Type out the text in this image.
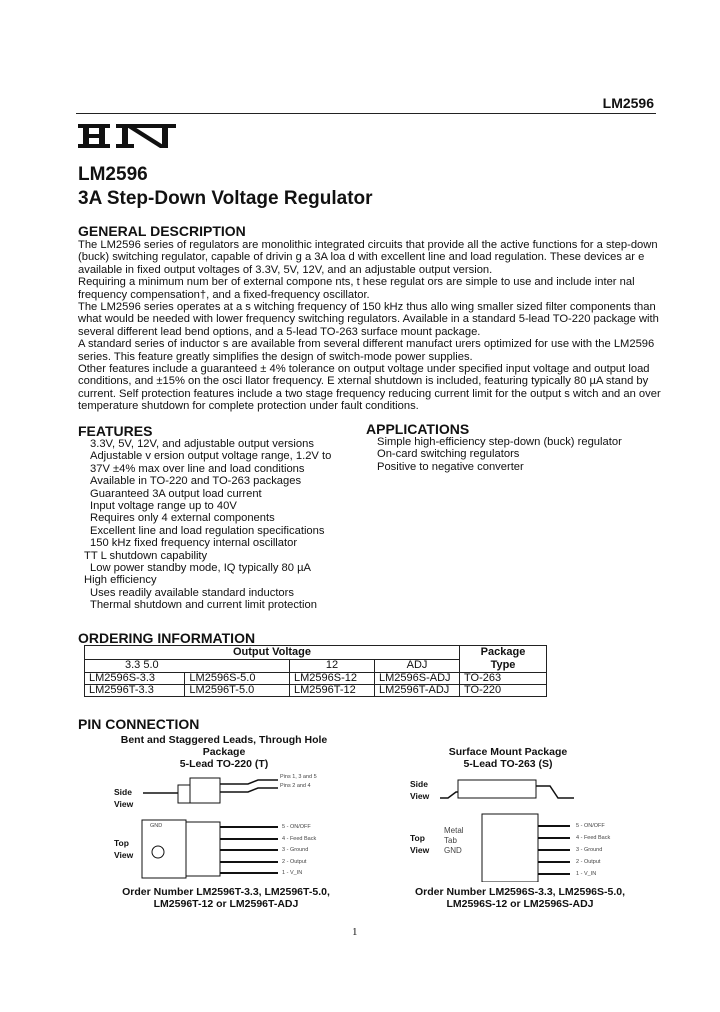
LM2596
LM2596
3A Step-Down Voltage Regulator
GENERAL DESCRIPTION
The LM2596 series of regulators are monolithic integrated circuits that provide all the active functions for a step-down
(buck) switching regulator, capable of drivin g a 3A loa d with excellent line and load regulation. These devices ar e
available in fixed output voltages of 3.3V, 5V, 12V, and an adjustable output version.
Requiring a minimum num ber of external compone nts, t hese regulat ors are simple to use and include inter nal
frequency compensation†, and a fixed-frequency oscillator.
The LM2596 series operates at a s witching frequency of 150 kHz thus allo wing smaller sized filter components than
what would be needed with lower frequency switching regulators. Available in a standard 5-lead TO-220 package with
several different lead bend options, and a 5-lead TO-263 surface mount package.
A standard series of inductor s are available from several different manufact urers optimized for use with the LM2596
series. This feature greatly simplifies the design of switch-mode power supplies.
Other features include a guaranteed ± 4% tolerance on output voltage under specified input voltage and output load
conditions, and ±15% on the osci llator frequency. E xternal shutdown is included, featuring typically 80 µA stand by
current. Self protection features include a two stage frequency reducing current limit for the output s witch and an over
temperature shutdown for complete protection under fault conditions.
FEATURES
3.3V, 5V, 12V, and adjustable output versions
Adjustable v ersion output voltage range, 1.2V to
37V ±4% max over line and load conditions
Available in TO-220 and TO-263 packages
Guaranteed 3A output load current
Input voltage range up to 40V
Requires only 4 external components
Excellent line and load regulation specifications
150 kHz fixed frequency internal oscillator
TT L shutdown capability
Low power standby mode, IQ typically 80 µA
High efficiency
Uses readily available standard inductors
Thermal shutdown and current limit protection
APPLICATIONS
Simple high-efficiency step-down (buck) regulator
On-card switching regulators
Positive to negative converter
ORDERING INFORMATION
Output Voltage				Package
Type

3.3 5.0		12	ADJ	
LM2596S-3.3	LM2596S-5.0	LM2596S-12	LM2596S-ADJ	TO-263
LM2596T-3.3	LM2596T-5.0	LM2596T-12	LM2596T-ADJ	TO-220
PIN CONNECTION
Bent and Staggered Leads, Through Hole
Package
5-Lead TO-220 (T)
Side
View
Top
View
GND
Pins 1, 3 and 5
Pins 2 and 4
5 - ON/OFF
4 - Feed Back
3 - Ground
2 - Output
1 - V_IN
Order Number LM2596T-3.3, LM2596T-5.0,
LM2596T-12 or LM2596T-ADJ
Surface Mount Package
5-Lead TO-263 (S)
Side
View
Top
View
Metal
Tab
GND
5 - ON/OFF
4 - Feed Back
3 - Ground
2 - Output
1 - V_IN
Order Number LM2596S-3.3, LM2596S-5.0,
LM2596S-12 or LM2596S-ADJ
1
